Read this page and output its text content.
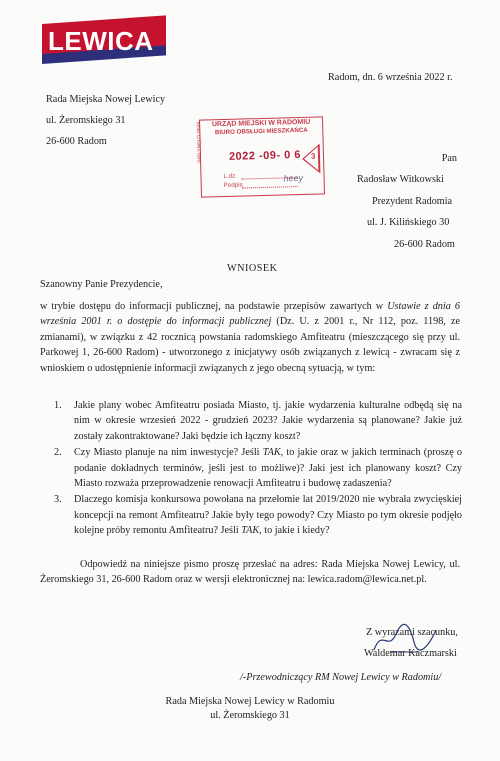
LEWICA
Radom, dn. 6 września 2022 r.
Rada Miejska Nowej Lewicy
ul. Żeromskiego 31
26-600 Radom
URZĄD MIEJSKI W RADOMIU
BIURO OBSŁUGI MIESZKAŃCA
WPŁYNĘŁO DNIA 2022 -09- 0 6 3
L.dz.
Podpis
heey
Pan
Radosław Witkowski
Prezydent Radomia
ul. J. Kilińskiego 30
26-600 Radom
WNIOSEK
Szanowny Panie Prezydencie,
w trybie dostępu do informacji publicznej, na podstawie przepisów zawartych w Ustawie z dnia 6 września 2001 r. o dostępie do informacji publicznej (Dz. U. z 2001 r., Nr 112, poz. 1198, ze zmianami), w związku z 42 rocznicą powstania radomskiego Amfiteatru (mieszczącego się przy ul. Parkowej 1, 26-600 Radom) - utworzonego z inicjatywy osób związanych z lewicą - zwracam się z wnioskiem o udostępnienie informacji związanych z jego obecną sytuacją, w tym:
1. Jakie plany wobec Amfiteatru posiada Miasto, tj. jakie wydarzenia kulturalne odbędą się na nim w okresie wrzesień 2022 - grudzień 2023? Jakie wydarzenia są planowane? Jakie już zostały zakontraktowane? Jaki będzie ich łączny koszt?
2. Czy Miasto planuje na nim inwestycje? Jeśli TAK, to jakie oraz w jakich terminach (proszę o podanie dokładnych terminów, jeśli jest to możliwe)? Jaki jest ich planowany koszt? Czy Miasto rozważa przeprowadzenie renowacji Amfiteatru i budowę zadaszenia?
3. Dlaczego komisja konkursowa powołana na przełomie lat 2019/2020 nie wybrała zwycięskiej koncepcji na remont Amfiteatru? Jakie były tego powody? Czy Miasto po tym okresie podjęło kolejne próby remontu Amfiteatru? Jeśli TAK, to jakie i kiedy?
Odpowiedź na niniejsze pismo proszę przesłać na adres: Rada Miejska Nowej Lewicy, ul. Żeromskiego 31, 26-600 Radom oraz w wersji elektronicznej na: lewica.radom@lewica.net.pl.
Z wyrazami szacunku,
Waldemar Kaczmarski
/-Przewodniczący RM Nowej Lewicy w Radomiu/
Rada Miejska Nowej Lewicy w Radomiu
ul. Żeromskiego 31
